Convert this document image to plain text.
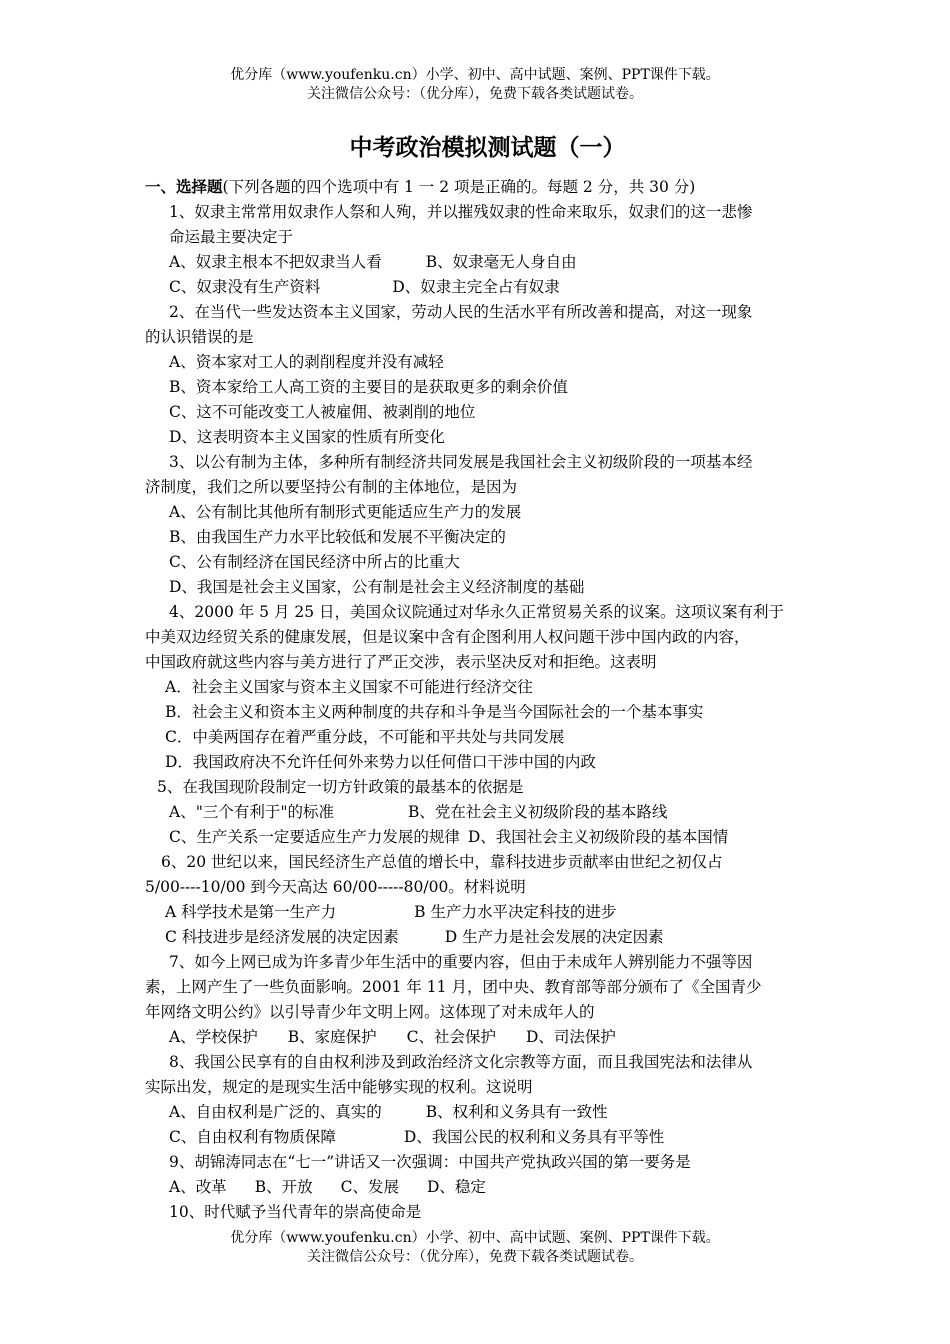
优分库（www.youfenku.cn）小学、初中、高中试题、案例、PPT课件下载。
关注微信公众号：（优分库），免费下载各类试题试卷。
中考政治模拟测试题（一）
一、选择题(下列各题的四个选项中有 1 一 2 项是正确的。每题 2 分，共 30 分)
1、奴隶主常常用奴隶作人祭和人殉，并以摧残奴隶的性命来取乐，奴隶们的这一悲惨
命运最主要决定于
A、奴隶主根本不把奴隶当人看	B、奴隶毫无人身自由
C、奴隶没有生产资料	D、奴隶主完全占有奴隶
2、在当代一些发达资本主义国家，劳动人民的生活水平有所改善和提高，对这一现象
的认识错误的是
A、资本家对工人的剥削程度并没有减轻
B、资本家给工人高工资的主要目的是获取更多的剩余价值
C、这不可能改变工人被雇佣、被剥削的地位
D、这表明资本主义国家的性质有所变化
3、以公有制为主体，多种所有制经济共同发展是我国社会主义初级阶段的一项基本经
济制度，我们之所以要坚持公有制的主体地位，是因为
A、公有制比其他所有制形式更能适应生产力的发展
B、由我国生产力水平比较低和发展不平衡决定的
C、公有制经济在国民经济中所占的比重大
D、我国是社会主义国家，公有制是社会主义经济制度的基础
4、2000 年 5 月 25 日，美国众议院通过对华永久正常贸易关系的议案。这项议案有利于
中美双边经贸关系的健康发展，但是议案中含有企图利用人权问题干涉中国内政的内容，
中国政府就这些内容与美方进行了严正交涉，表示坚决反对和拒绝。这表明
A．社会主义国家与资本主义国家不可能进行经济交往
B．社会主义和资本主义两种制度的共存和斗争是当今国际社会的一个基本事实
C．中美两国存在着严重分歧，不可能和平共处与共同发展
D．我国政府决不允许任何外来势力以任何借口干涉中国的内政
5、在我国现阶段制定一切方针政策的最基本的依据是
A、"三个有利于"的标准	B、党在社会主义初级阶段的基本路线
C、生产关系一定要适应生产力发展的规律 D、我国社会主义初级阶段的基本国情
6、20 世纪以来，国民经济生产总值的增长中，靠科技进步贡献率由世纪之初仅占
5/00----10/00 到今天高达 60/00-----80/00。材料说明
A 科学技术是第一生产力	B 生产力水平决定科技的进步
C 科技进步是经济发展的决定因素	D 生产力是社会发展的决定因素
7、如今上网已成为许多青少年生活中的重要内容，但由于未成年人辨别能力不强等因
素，上网产生了一些负面影响。2001 年 11 月，团中央、教育部等部分颁布了《全国青少
年网络文明公约》以引导青少年文明上网。这体现了对未成年人的
A、学校保护 B、家庭保护 C、社会保护 D、司法保护
8、我国公民享有的自由权利涉及到政治经济文化宗教等方面，而且我国宪法和法律从
实际出发，规定的是现实生活中能够实现的权利。这说明
A、自由权利是广泛的、真实的	B、权利和义务具有一致性
C、自由权利有物质保障	D、我国公民的权利和义务具有平等性
9、胡锦涛同志在“七一”讲话又一次强调：中国共产党执政兴国的第一要务是
A、改革 B、开放 C、发展 D、稳定
10、时代赋予当代青年的崇高使命是
优分库（www.youfenku.cn）小学、初中、高中试题、案例、PPT课件下载。
关注微信公众号：（优分库），免费下载各类试题试卷。
